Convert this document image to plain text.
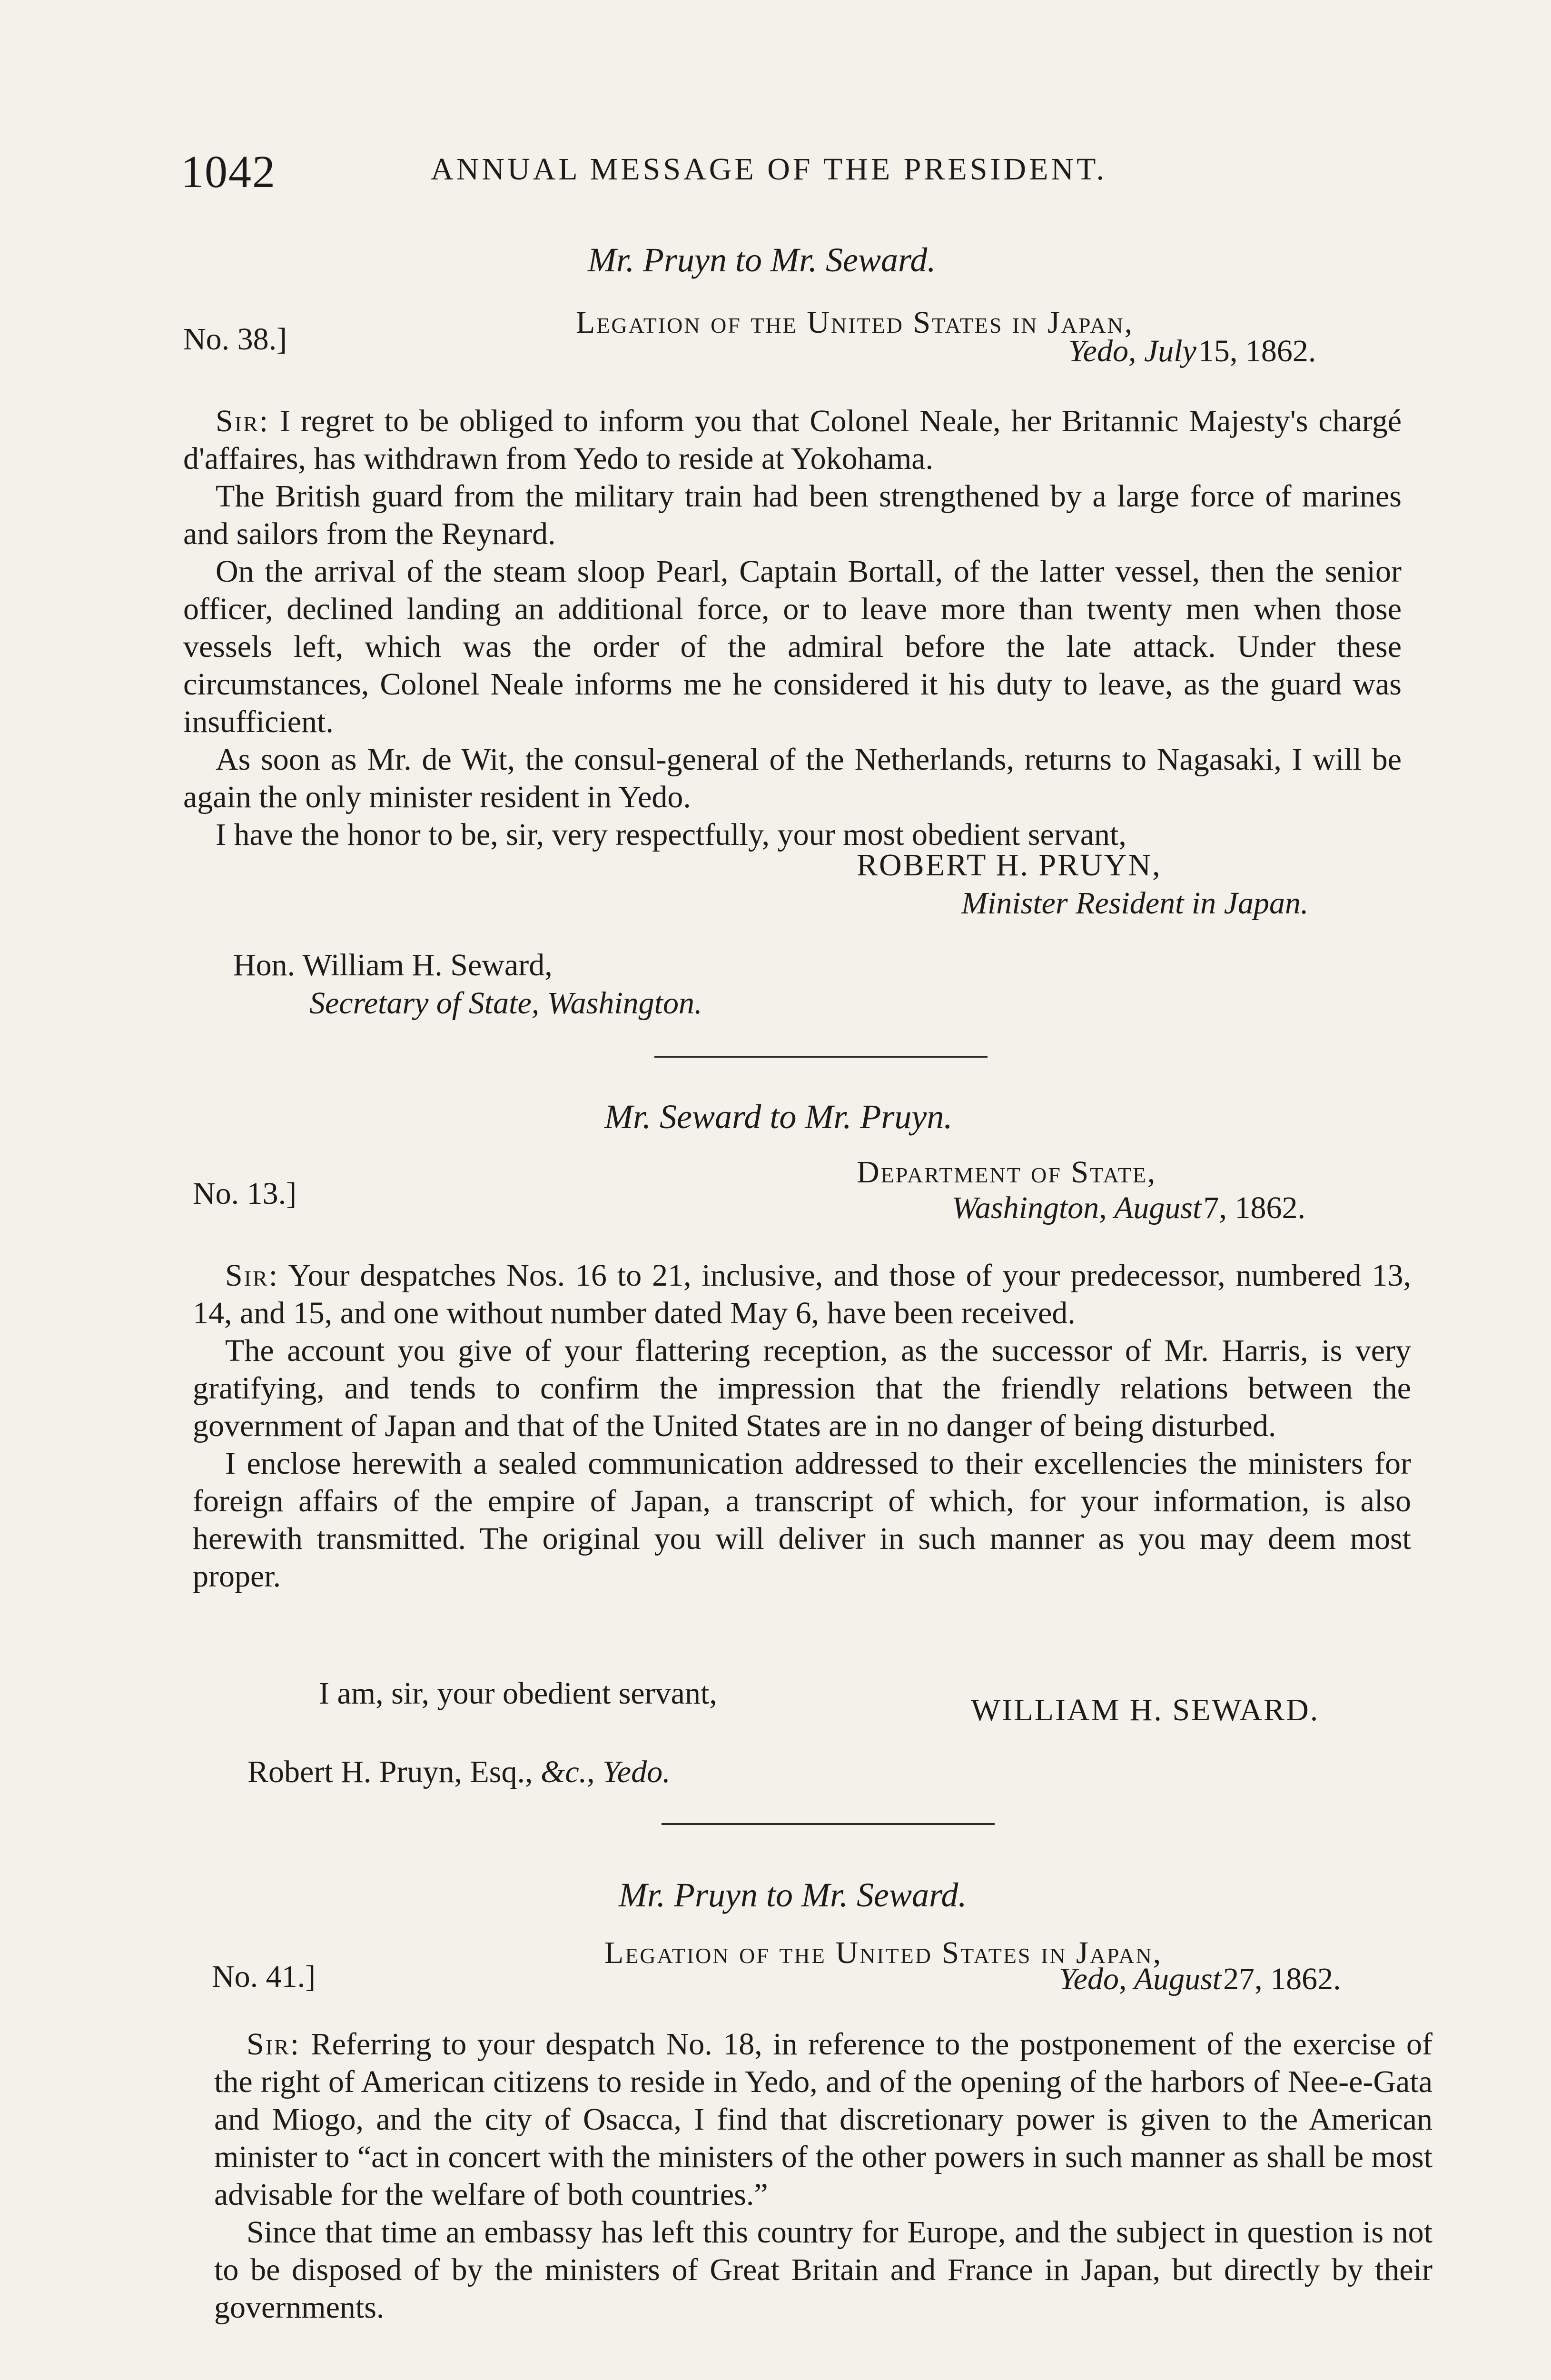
1042	ANNUAL MESSAGE OF THE PRESIDENT.
Mr. Pruyn to Mr. Seward.
No. 38.]	Legation of the United States in Japan,
Yedo, July 15, 1862.

Sir: I regret to be obliged to inform you that Colonel Neale, her Britannic Majesty's chargé d'affaires, has withdrawn from Yedo to reside at Yokohama.

The British guard from the military train had been strengthened by a large force of marines and sailors from the Reynard.

On the arrival of the steam sloop Pearl, Captain Bortall, of the latter vessel, then the senior officer, declined landing an additional force, or to leave more than twenty men when those vessels left, which was the order of the admiral before the late attack. Under these circumstances, Colonel Neale informs me he considered it his duty to leave, as the guard was insufficient.

As soon as Mr. de Wit, the consul-general of the Netherlands, returns to Nagasaki, I will be again the only minister resident in Yedo.

I have the honor to be, sir, very respectfully, your most obedient servant,

ROBERT H. PRUYN,
Minister Resident in Japan.
Hon. William H. Seward,
Secretary of State, Washington.
Mr. Seward to Mr. Pruyn.
No. 13.]
Department of State,
Washington, August 7, 1862.

Sir: Your despatches Nos. 16 to 21, inclusive, and those of your predecessor, numbered 13, 14, and 15, and one without number dated May 6, have been received.

The account you give of your flattering reception, as the successor of Mr. Harris, is very gratifying, and tends to confirm the impression that the friendly relations between the government of Japan and that of the United States are in no danger of being disturbed.

I enclose herewith a sealed communication addressed to their excellencies the ministers for foreign affairs of the empire of Japan, a transcript of which, for your information, is also herewith transmitted. The original you will deliver in such manner as you may deem most proper.

I am, sir, your obedient servant,	WILLIAM H. SEWARD.
Robert H. Pruyn, Esq., &c., Yedo.
Mr. Pruyn to Mr. Seward.
No. 41.]
Legation of the United States in Japan,
Yedo, August 27, 1862.

Sir: Referring to your despatch No. 18, in reference to the postponement of the exercise of the right of American citizens to reside in Yedo, and of the opening of the harbors of Nee-e-Gata and Miogo, and the city of Osacca, I find that discretionary power is given to the American minister to “act in concert with the ministers of the other powers in such manner as shall be most advisable for the welfare of both countries.”

Since that time an embassy has left this country for Europe, and the subject in question is not to be disposed of by the ministers of Great Britain and France in Japan, but directly by their governments.
